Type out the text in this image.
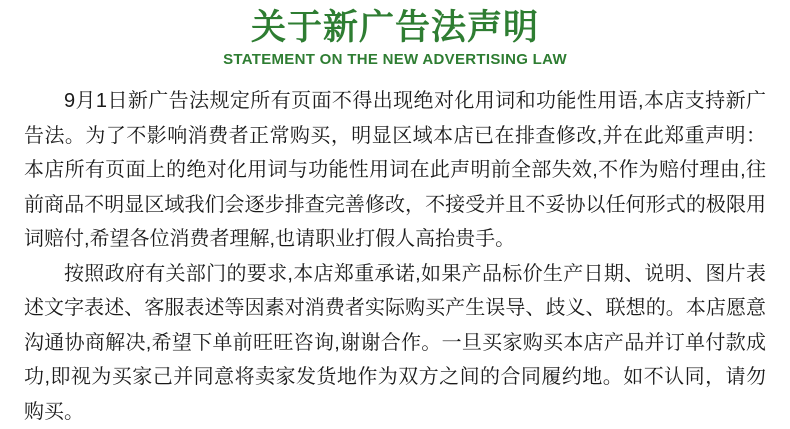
关于新广告法声明
STATEMENT ON THE NEW ADVERTISING LAW

9月1日新广告法规定所有页面不得出现绝对化用词和功能性用语,本店支持新广告法。为了不影响消费者正常购买，明显区域本店已在排查修改,并在此郑重声明：本店所有页面上的绝对化用词与功能性用词在此声明前全部失效,不作为赔付理由,往前商品不明显区域我们会逐步排查完善修改，不接受并且不妥协以任何形式的极限用词赔付,希望各位消费者理解,也请职业打假人高抬贵手。

按照政府有关部门的要求,本店郑重承诺,如果产品标价生产日期、说明、图片表述文字表述、客服表述等因素对消费者实际购买产生误导、歧义、联想的。本店愿意沟通协商解决,希望下单前旺旺咨询,谢谢合作。一旦买家购买本店产品并订单付款成功,即视为买家己并同意将卖家发货地作为双方之间的合同履约地。如不认同，请勿购买。
